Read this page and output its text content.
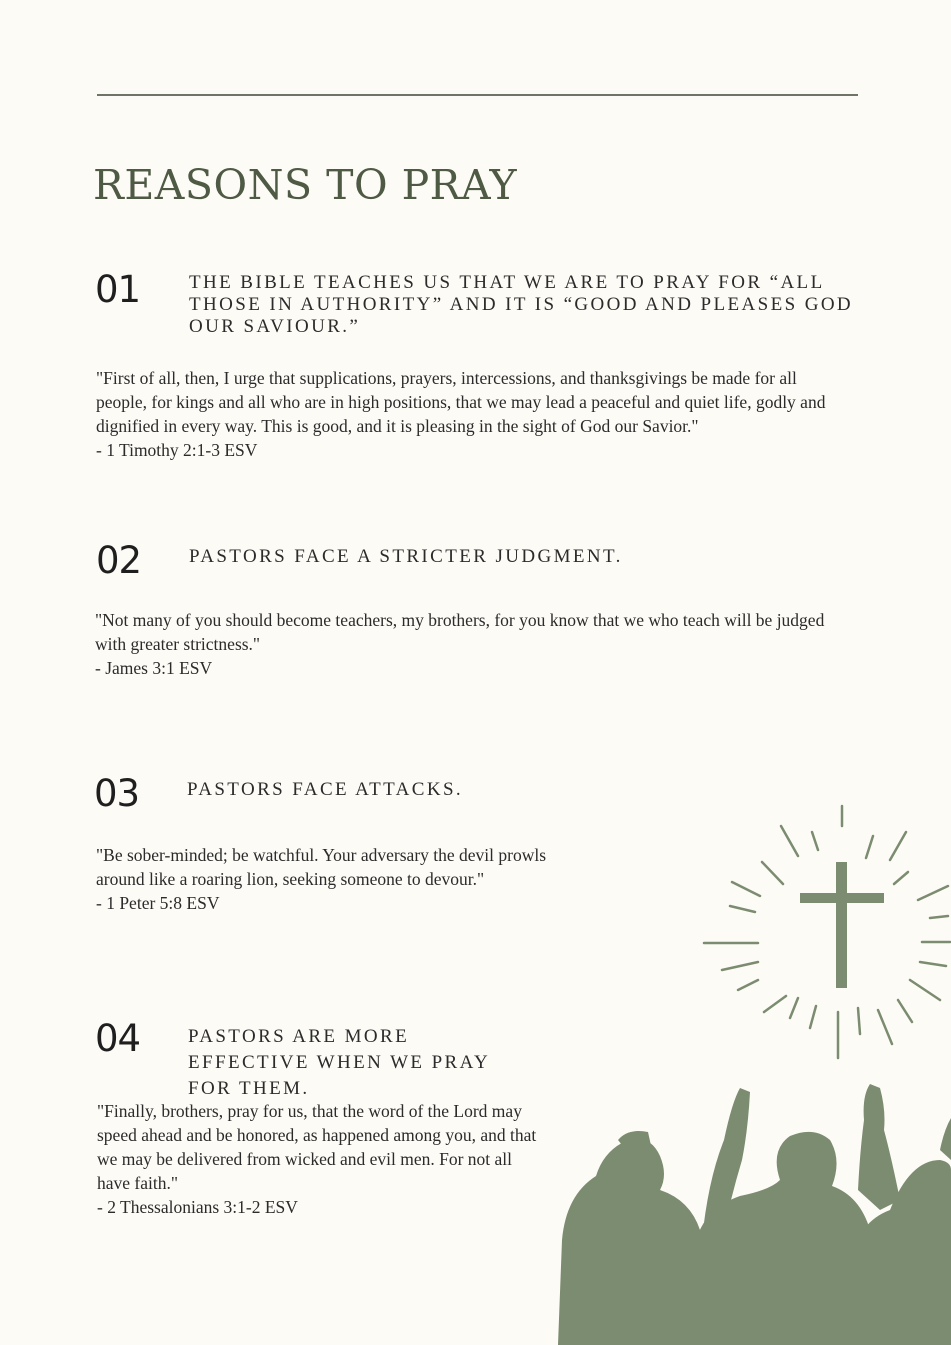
REASONS TO PRAY

01	THE BIBLE TEACHES US THAT WE ARE TO PRAY FOR “ALL THOSE IN AUTHORITY” AND IT IS “GOOD AND PLEASES GOD OUR SAVIOUR.”

"First of all, then, I urge that supplications, prayers, intercessions, and thanksgivings be made for all people, for kings and all who are in high positions, that we may lead a peaceful and quiet life, godly and dignified in every way. This is good, and it is pleasing in the sight of God our Savior."
- 1 Timothy 2:1-3 ESV

02	PASTORS FACE A STRICTER JUDGMENT.

"Not many of you should become teachers, my brothers, for you know that we who teach will be judged with greater strictness."
- James 3:1 ESV

03	PASTORS FACE ATTACKS.

"Be sober-minded; be watchful. Your adversary the devil prowls around like a roaring lion, seeking someone to devour."
- 1 Peter 5:8 ESV

04	PASTORS ARE MORE EFFECTIVE WHEN WE PRAY FOR THEM.

"Finally, brothers, pray for us, that the word of the Lord may speed ahead and be honored, as happened among you, and that we may be delivered from wicked and evil men. For not all have faith."
- 2 Thessalonians 3:1-2 ESV
